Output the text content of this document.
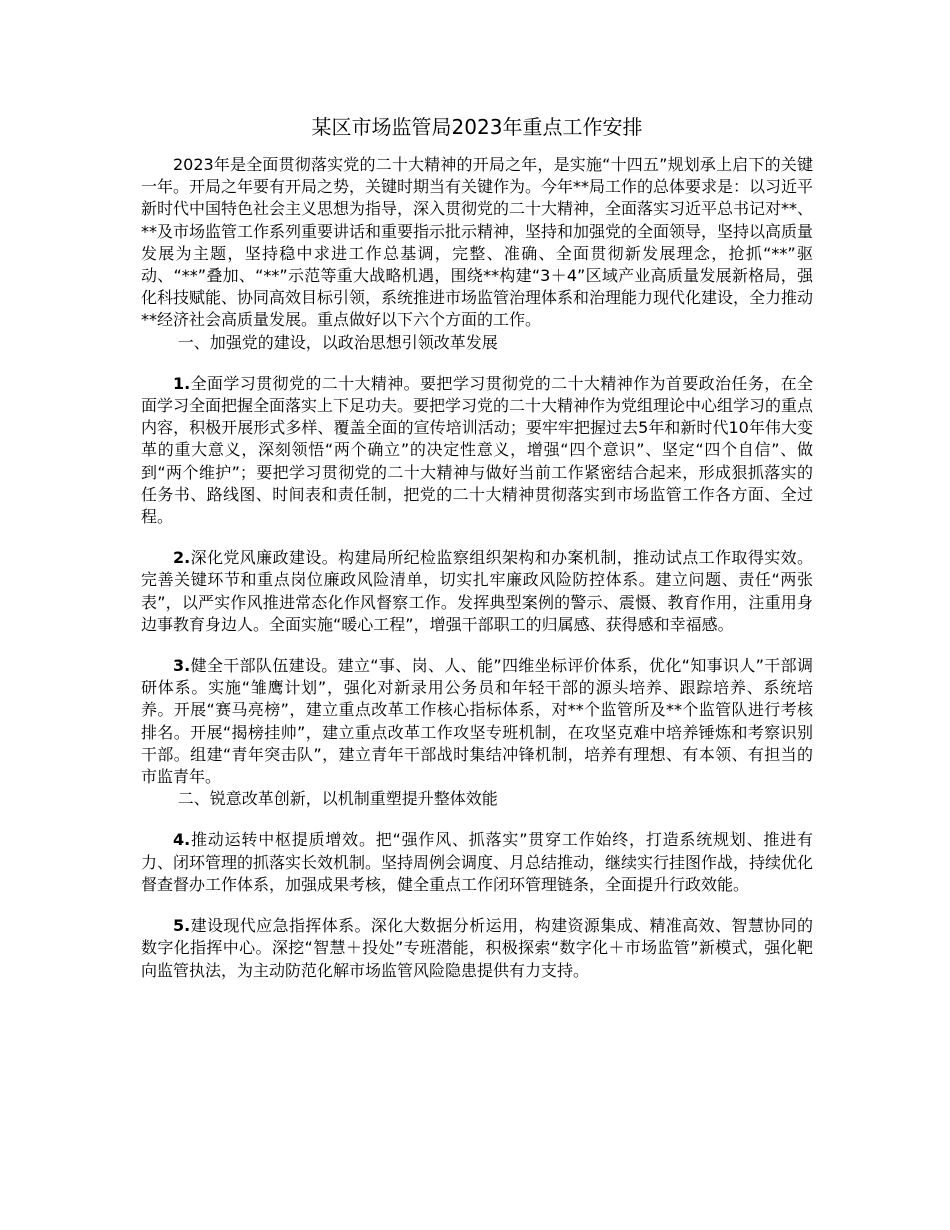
某区市场监管局2023年重点工作安排

2023年是全面贯彻落实党的二十大精神的开局之年，是实施“十四五”规划承上启下的关键一年。开局之年要有开局之势，关键时期当有关键作为。今年**局工作的总体要求是：以习近平新时代中国特色社会主义思想为指导，深入贯彻党的二十大精神，全面落实习近平总书记对**、**及市场监管工作系列重要讲话和重要指示批示精神，坚持和加强党的全面领导，坚持以高质量发展为主题，坚持稳中求进工作总基调，完整、准确、全面贯彻新发展理念，抢抓“**”驱动、“**”叠加、“**”示范等重大战略机遇，围绕**构建“3＋4”区域产业高质量发展新格局，强化科技赋能、协同高效目标引领，系统推进市场监管治理体系和治理能力现代化建设，全力推动**经济社会高质量发展。重点做好以下六个方面的工作。

一、加强党的建设，以政治思想引领改革发展

1.全面学习贯彻党的二十大精神。要把学习贯彻党的二十大精神作为首要政治任务，在全面学习全面把握全面落实上下足功夫。要把学习党的二十大精神作为党组理论中心组学习的重点内容，积极开展形式多样、覆盖全面的宣传培训活动；要牢牢把握过去5年和新时代10年伟大变革的重大意义，深刻领悟“两个确立”的决定性意义，增强“四个意识”、坚定“四个自信”、做到“两个维护”；要把学习贯彻党的二十大精神与做好当前工作紧密结合起来，形成狠抓落实的任务书、路线图、时间表和责任制，把党的二十大精神贯彻落实到市场监管工作各方面、全过程。

2.深化党风廉政建设。构建局所纪检监察组织架构和办案机制，推动试点工作取得实效。完善关键环节和重点岗位廉政风险清单，切实扎牢廉政风险防控体系。建立问题、责任“两张表”，以严实作风推进常态化作风督察工作。发挥典型案例的警示、震慑、教育作用，注重用身边事教育身边人。全面实施“暖心工程”，增强干部职工的归属感、获得感和幸福感。

3.健全干部队伍建设。建立“事、岗、人、能”四维坐标评价体系，优化“知事识人”干部调研体系。实施“雏鹰计划”，强化对新录用公务员和年轻干部的源头培养、跟踪培养、系统培养。开展“赛马亮榜”，建立重点改革工作核心指标体系，对**个监管所及**个监管队进行考核排名。开展“揭榜挂帅”，建立重点改革工作攻坚专班机制，在攻坚克难中培养锤炼和考察识别干部。组建“青年突击队”，建立青年干部战时集结冲锋机制，培养有理想、有本领、有担当的市监青年。

二、锐意改革创新，以机制重塑提升整体效能

4.推动运转中枢提质增效。把“强作风、抓落实”贯穿工作始终，打造系统规划、推进有力、闭环管理的抓落实长效机制。坚持周例会调度、月总结推动，继续实行挂图作战，持续优化督查督办工作体系，加强成果考核，健全重点工作闭环管理链条，全面提升行政效能。

5.建设现代应急指挥体系。深化大数据分析运用，构建资源集成、精准高效、智慧协同的数字化指挥中心。深挖“智慧＋投处”专班潜能，积极探索“数字化＋市场监管”新模式，强化靶向监管执法，为主动防范化解市场监管风险隐患提供有力支持。
